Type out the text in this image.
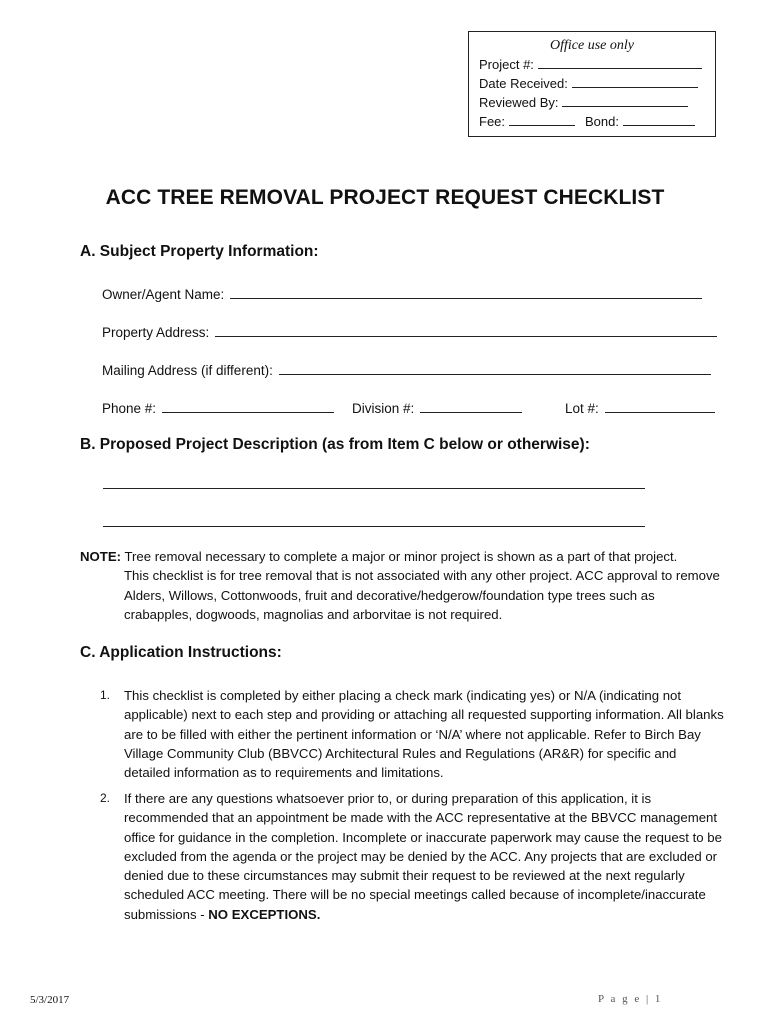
Office use only
Project #:
Date Received:
Reviewed By:
Fee:	Bond:
ACC TREE REMOVAL PROJECT REQUEST CHECKLIST
A. Subject Property Information:
Owner/Agent Name:
Property Address:
Mailing Address (if different):
Phone #:	Division #:	Lot #:
B. Proposed Project Description (as from Item C below or otherwise):
NOTE: Tree removal necessary to complete a major or minor project is shown as a part of that project.
This checklist is for tree removal that is not associated with any other project. ACC approval to remove Alders, Willows, Cottonwoods, fruit and decorative/hedgerow/foundation type trees such as crabapples, dogwoods, magnolias and arborvitae is not required.
C. Application Instructions:
1.	This checklist is completed by either placing a check mark (indicating yes) or N/A (indicating not applicable) next to each step and providing or attaching all requested supporting information. All blanks are to be filled with either the pertinent information or ‘N/A’ where not applicable. Refer to Birch Bay Village Community Club (BBVCC) Architectural Rules and Regulations (AR&R) for specific and detailed information as to requirements and limitations.
2.	If there are any questions whatsoever prior to, or during preparation of this application, it is recommended that an appointment be made with the ACC representative at the BBVCC management office for guidance in the completion. Incomplete or inaccurate paperwork may cause the request to be excluded from the agenda or the project may be denied by the ACC. Any projects that are excluded or denied due to these circumstances may submit their request to be reviewed at the next regularly scheduled ACC meeting. There will be no special meetings called because of incomplete/inaccurate submissions - NO EXCEPTIONS.
5/3/2017	P a g e | 1
